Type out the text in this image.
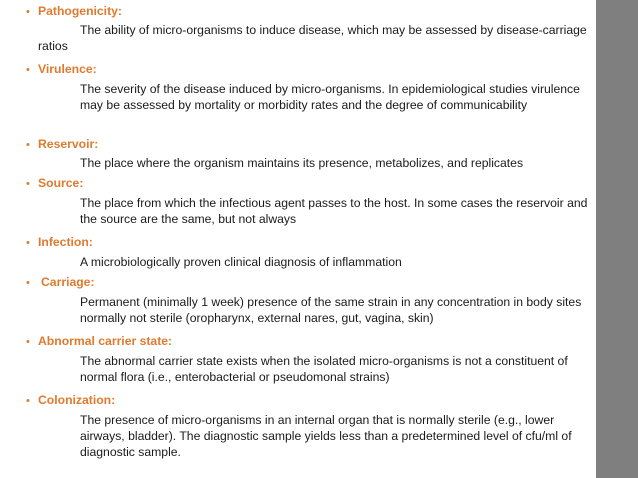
• Pathogenicity:
The ability of micro-organisms to induce disease, which may be assessed by disease-carriage ratios
• Virulence:
The severity of the disease induced by micro-organisms. In epidemiological studies virulence may be assessed by mortality or morbidity rates and the degree of communicability
• Reservoir:
The place where the organism maintains its presence, metabolizes, and replicates
• Source:
The place from which the infectious agent passes to the host. In some cases the reservoir and the source are the same, but not always
• Infection:
A microbiologically proven clinical diagnosis of inflammation
• Carriage:
Permanent (minimally 1 week) presence of the same strain in any concentration in body sites normally not sterile (oropharynx, external nares, gut, vagina, skin)
• Abnormal carrier state:
The abnormal carrier state exists when the isolated micro-organisms is not a constituent of normal flora (i.e., enterobacterial or pseudomonal strains)
• Colonization:
The presence of micro-organisms in an internal organ that is normally sterile (e.g., lower airways, bladder). The diagnostic sample yields less than a predetermined level of cfu/ml of diagnostic sample.
